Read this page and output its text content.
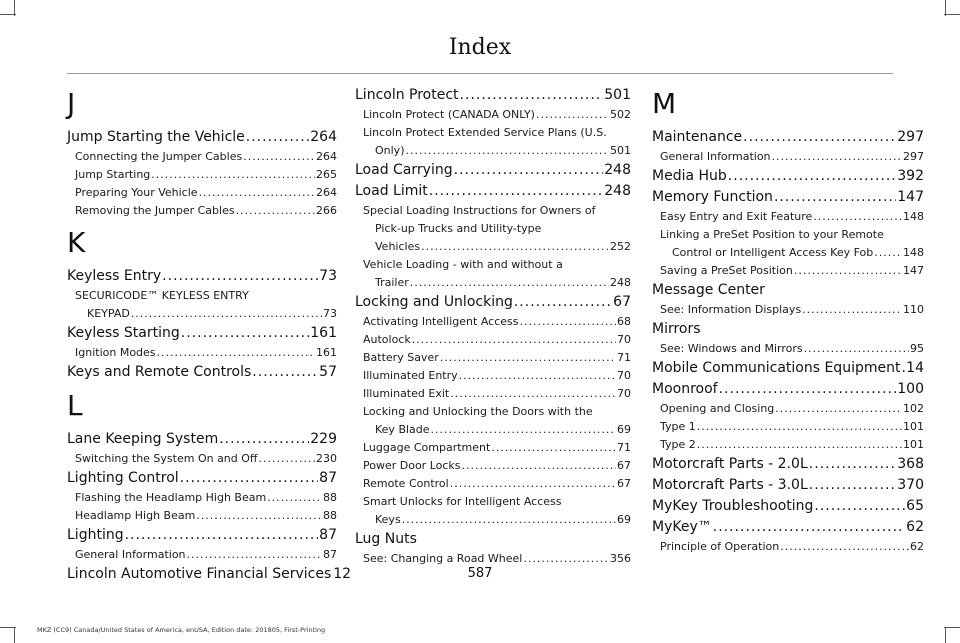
Index
J
Jump Starting the Vehicle .....	264
Connecting the Jumper Cables .....	264
Jump Starting .....	265
Preparing Your Vehicle .....	264
Removing the Jumper Cables .....	266
K
Keyless Entry .....	73
SECURICODE™ KEYLESS ENTRY
KEYPAD .....	73
Keyless Starting .....	161
Ignition Modes .....	161
Keys and Remote Controls .....	57
L
Lane Keeping System .....	229
Switching the System On and Off .....	230
Lighting Control .....	87
Flashing the Headlamp High Beam .....	88
Headlamp High Beam .....	88
Lighting .....	87
General Information .....	87
Lincoln Automotive Financial Services 12
Lincoln Protect .....	501
Lincoln Protect (CANADA ONLY) .....	502
Lincoln Protect Extended Service Plans (U.S.
Only) .....	501
Load Carrying .....	248
Load Limit .....	248
Special Loading Instructions for Owners of
Pick-up Trucks and Utility-type
Vehicles .....	252
Vehicle Loading - with and without a
Trailer .....	248
Locking and Unlocking .....	67
Activating Intelligent Access .....	68
Autolock .....	70
Battery Saver .....	71
Illuminated Entry .....	70
Illuminated Exit .....	70
Locking and Unlocking the Doors with the
Key Blade .....	69
Luggage Compartment .....	71
Power Door Locks .....	67
Remote Control .....	67
Smart Unlocks for Intelligent Access
Keys .....	69
Lug Nuts
See: Changing a Road Wheel .....	356
M
Maintenance .....	297
General Information .....	297
Media Hub .....	392
Memory Function .....	147
Easy Entry and Exit Feature .....	148
Linking a PreSet Position to your Remote
Control or Intelligent Access Key Fob .....	148
Saving a PreSet Position .....	147
Message Center
See: Information Displays .....	110
Mirrors
See: Windows and Mirrors .....	95
Mobile Communications Equipment ..... 14
Moonroof .....	100
Opening and Closing .....	102
Type 1 .....	101
Type 2 .....	101
Motorcraft Parts - 2.0L .....	368
Motorcraft Parts - 3.0L .....	370
MyKey Troubleshooting .....	65
MyKey™ .....	62
Principle of Operation .....	62
587
MKZ (CC9) Canada/United States of America, enUSA, Edition date: 201805, First-Printing
